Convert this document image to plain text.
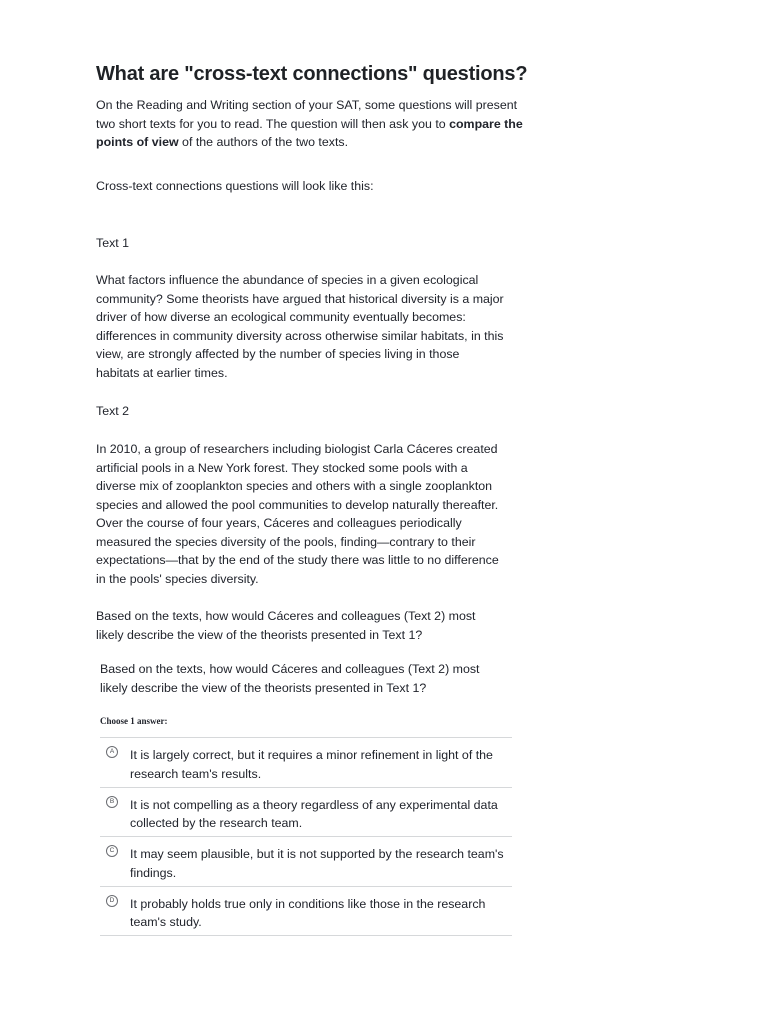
What are "cross-text connections" questions?

On the Reading and Writing section of your SAT, some questions will present two short texts for you to read. The question will then ask you to compare the points of view of the authors of the two texts.

Cross-text connections questions will look like this:

Text 1

What factors influence the abundance of species in a given ecological community? Some theorists have argued that historical diversity is a major driver of how diverse an ecological community eventually becomes: differences in community diversity across otherwise similar habitats, in this view, are strongly affected by the number of species living in those habitats at earlier times.

Text 2

In 2010, a group of researchers including biologist Carla Cáceres created artificial pools in a New York forest. They stocked some pools with a diverse mix of zooplankton species and others with a single zooplankton species and allowed the pool communities to develop naturally thereafter. Over the course of four years, Cáceres and colleagues periodically measured the species diversity of the pools, finding—contrary to their expectations—that by the end of the study there was little to no difference in the pools' species diversity.

Based on the texts, how would Cáceres and colleagues (Text 2) most likely describe the view of the theorists presented in Text 1?

Based on the texts, how would Cáceres and colleagues (Text 2) most likely describe the view of the theorists presented in Text 1?

Choose 1 answer:
A	It is largely correct, but it requires a minor refinement in light of the research team's results.
B	It is not compelling as a theory regardless of any experimental data collected by the research team.
C It may seem plausible, but it is not supported by the research team's findings.
D It probably holds true only in conditions like those in the research team's study.
